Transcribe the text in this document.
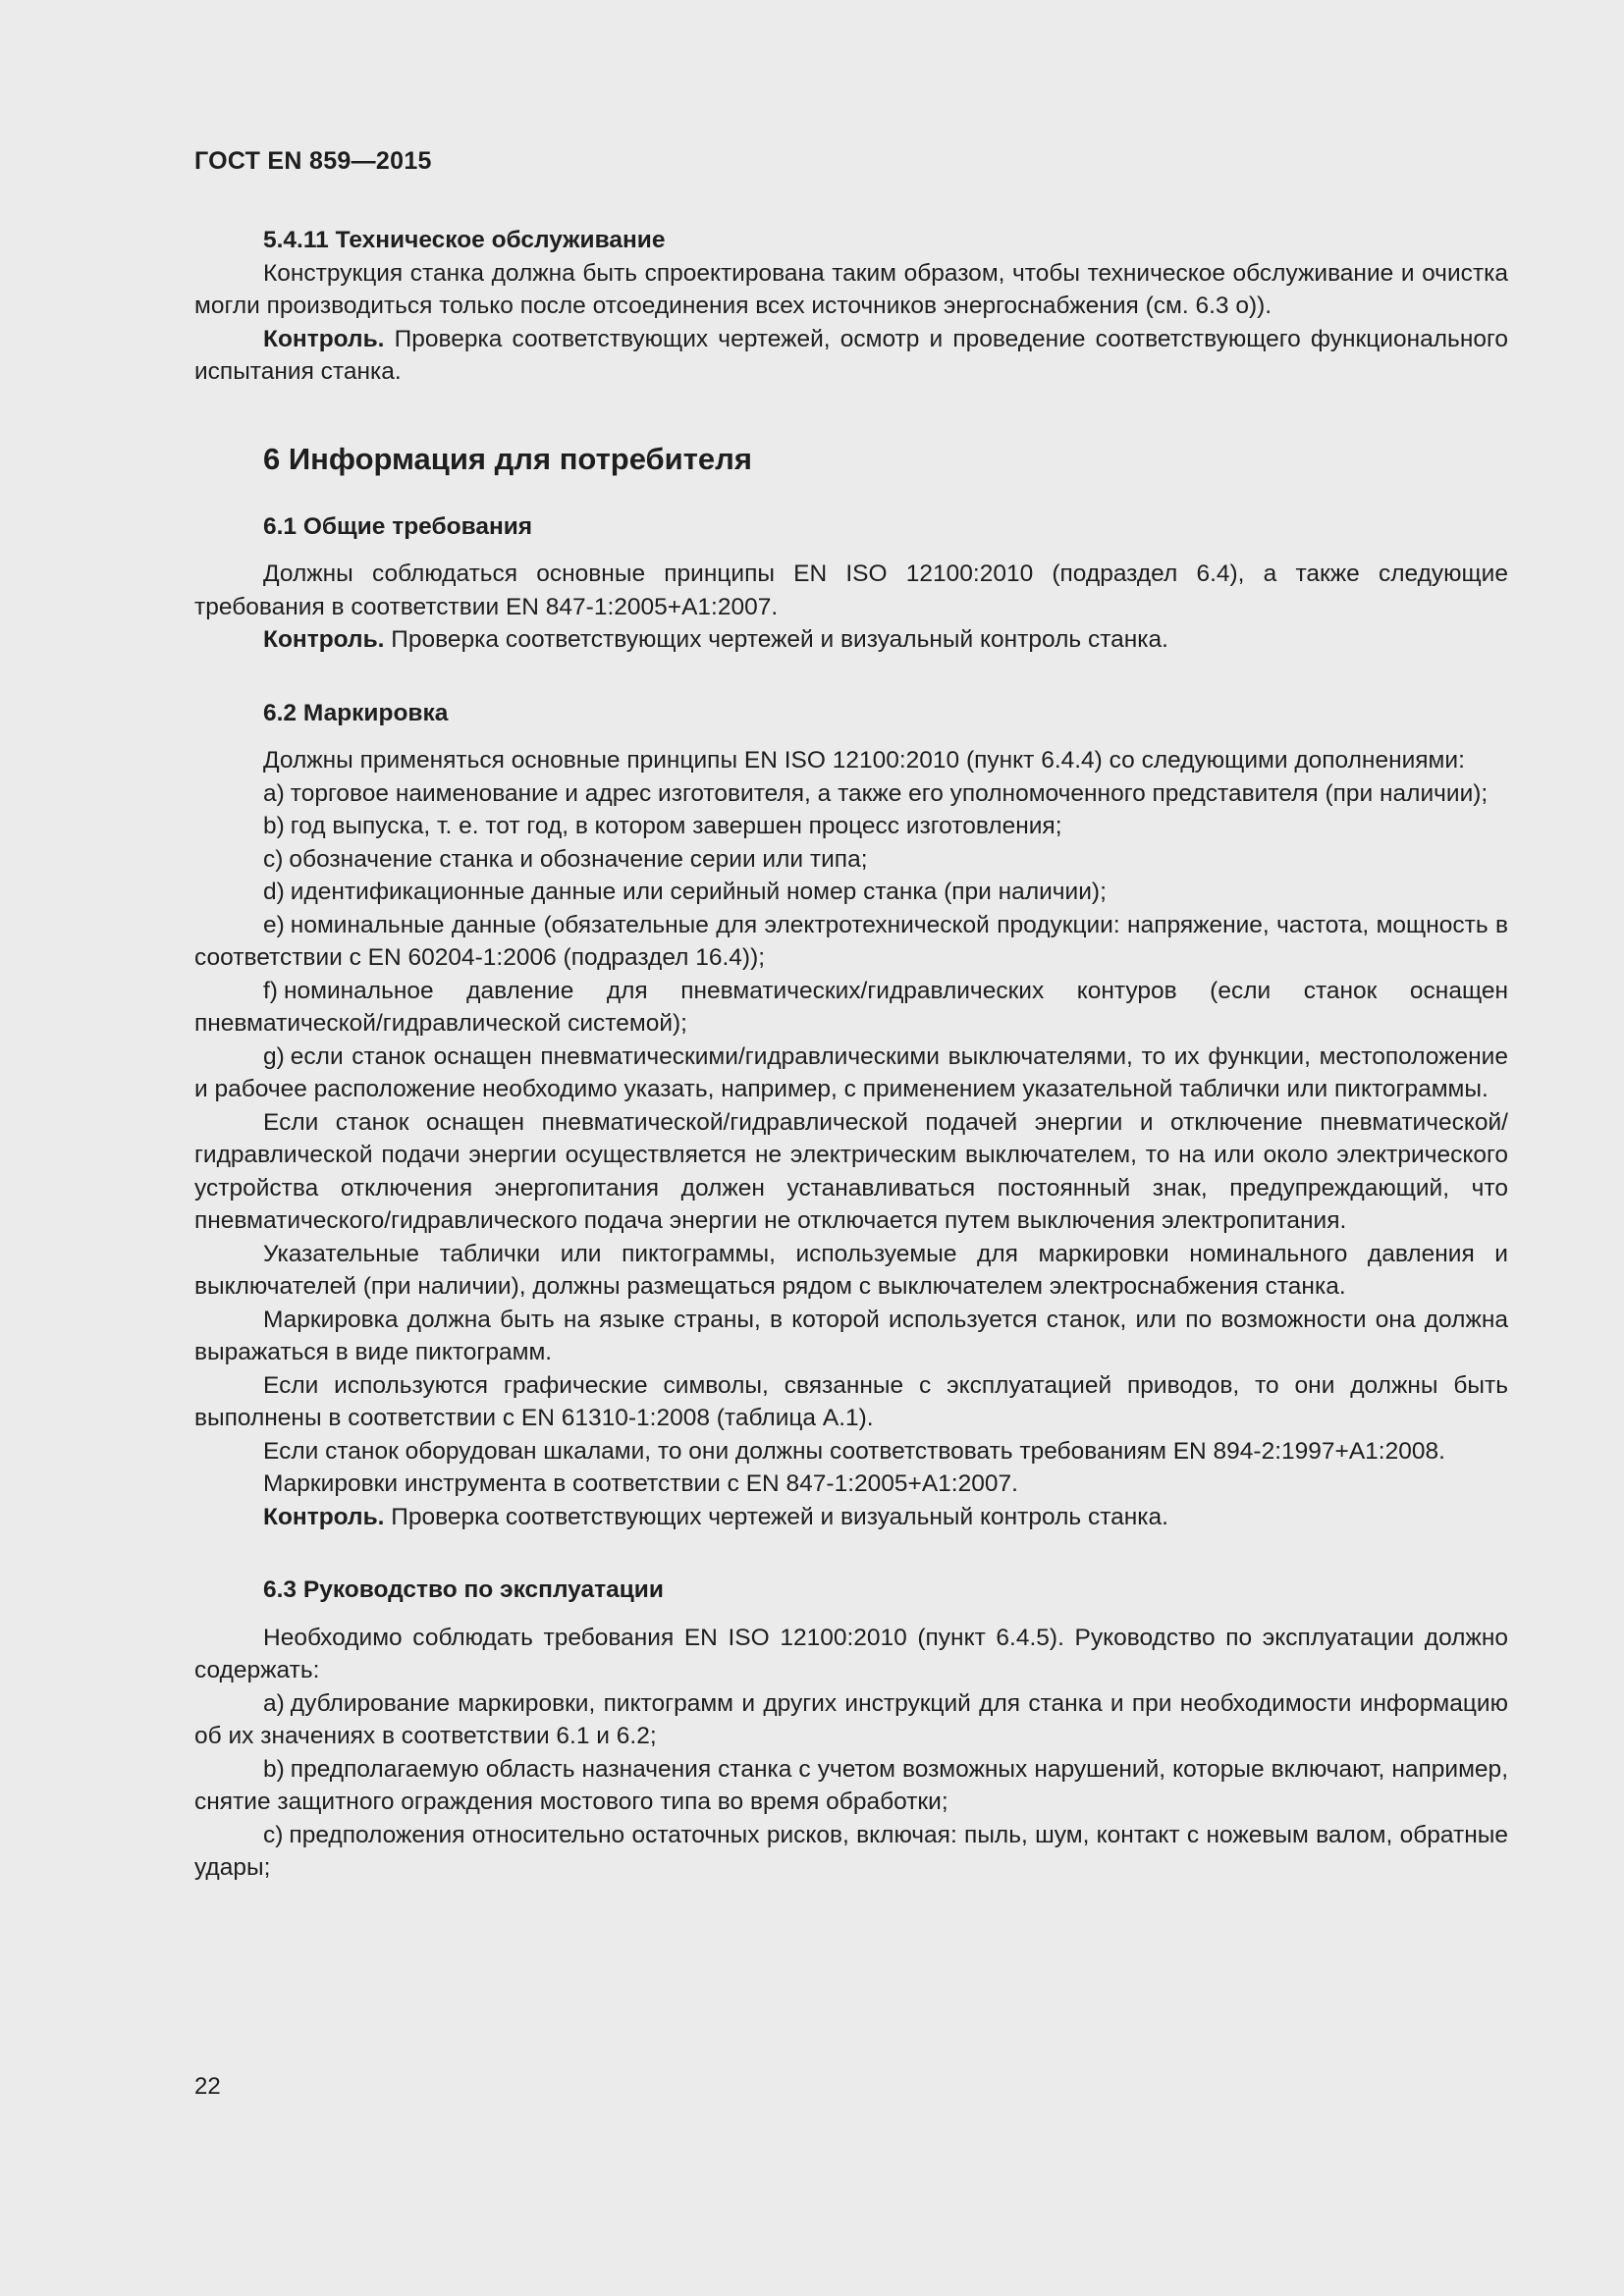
ГОСТ EN 859—2015

5.4.11 Техническое обслуживание

Конструкция станка должна быть спроектирована таким образом, чтобы техническое обслуживание и очистка могли производиться только после отсоединения всех источников энергоснабжения (см. 6.3 о)).

Контроль. Проверка соответствующих чертежей, осмотр и проведение соответствующего функционального испытания станка.

6 Информация для потребителя

6.1 Общие требования

Должны соблюдаться основные принципы EN ISO 12100:2010 (подраздел 6.4), а также следующие требования в соответствии EN 847-1:2005+A1:2007.

Контроль. Проверка соответствующих чертежей и визуальный контроль станка.

6.2 Маркировка

Должны применяться основные принципы EN ISO 12100:2010 (пункт 6.4.4) со следующими дополнениями:

a) торговое наименование и адрес изготовителя, а также его уполномоченного представителя (при наличии);

b) год выпуска, т. е. тот год, в котором завершен процесс изготовления;

c) обозначение станка и обозначение серии или типа;

d) идентификационные данные или серийный номер станка (при наличии);

e) номинальные данные (обязательные для электротехнической продукции: напряжение, частота, мощность в соответствии с EN 60204-1:2006 (подраздел 16.4));

f) номинальное давление для пневматических/гидравлических контуров (если станок оснащен пневматической/гидравлической системой);

g) если станок оснащен пневматическими/гидравлическими выключателями, то их функции, местоположение и рабочее расположение необходимо указать, например, с применением указательной таблички или пиктограммы.

Если станок оснащен пневматической/гидравлической подачей энергии и отключение пневматической/гидравлической подачи энергии осуществляется не электрическим выключателем, то на или около электрического устройства отключения энергопитания должен устанавливаться постоянный знак, предупреждающий, что пневматического/гидравлического подача энергии не отключается путем выключения электропитания.

Указательные таблички или пиктограммы, используемые для маркировки номинального давления и выключателей (при наличии), должны размещаться рядом с выключателем электроснабжения станка.

Маркировка должна быть на языке страны, в которой используется станок, или по возможности она должна выражаться в виде пиктограмм.

Если используются графические символы, связанные с эксплуатацией приводов, то они должны быть выполнены в соответствии с EN 61310-1:2008 (таблица А.1).

Если станок оборудован шкалами, то они должны соответствовать требованиям EN 894-2:1997+A1:2008.

Маркировки инструмента в соответствии с EN 847-1:2005+A1:2007.

Контроль. Проверка соответствующих чертежей и визуальный контроль станка.

6.3 Руководство по эксплуатации

Необходимо соблюдать требования EN ISO 12100:2010 (пункт 6.4.5). Руководство по эксплуатации должно содержать:

a) дублирование маркировки, пиктограмм и других инструкций для станка и при необходимости информацию об их значениях в соответствии 6.1 и 6.2;

b) предполагаемую область назначения станка с учетом возможных нарушений, которые включают, например, снятие защитного ограждения мостового типа во время обработки;

c) предположения относительно остаточных рисков, включая: пыль, шум, контакт с ножевым валом, обратные удары;

22
